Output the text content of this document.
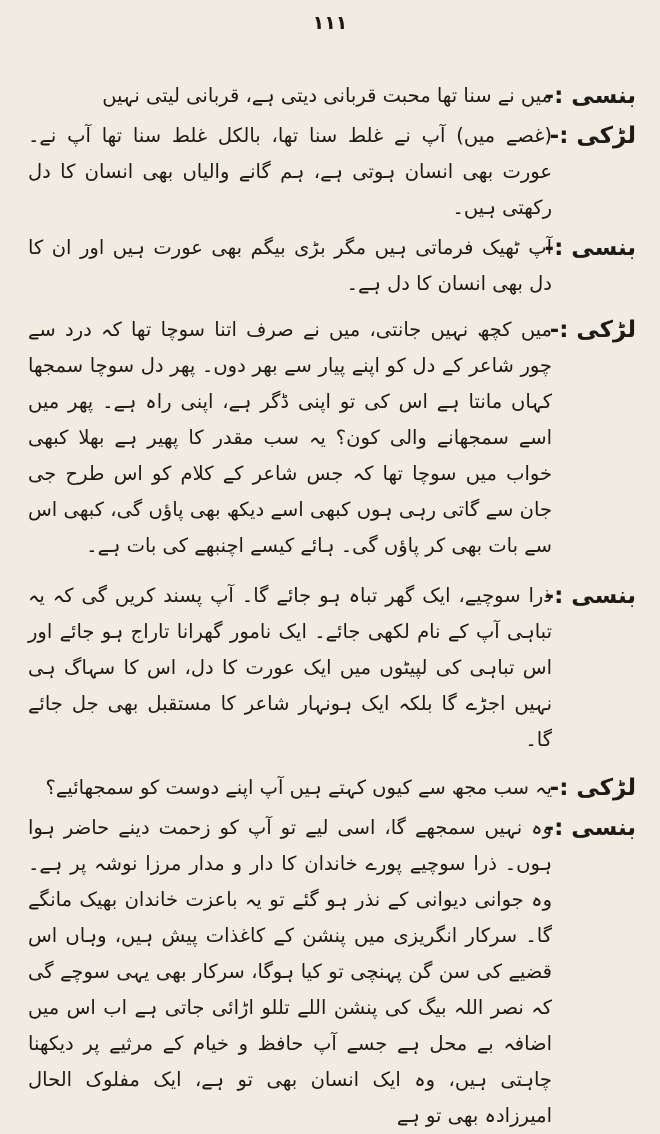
۱۱۱
بنسی :-
میں نے سنا تھا محبت قربانی دیتی ہے، قربانی لیتی نہیں
لڑکی :-
(غصے میں) آپ نے غلط سنا تھا، بالکل غلط سنا تھا آپ نے۔ عورت بھی انسان ہوتی ہے، ہم گانے والیاں بھی انسان کا دل رکھتی ہیں۔
بنسی :-
آپ ٹھیک فرماتی ہیں مگر بڑی بیگم بھی عورت ہیں اور ان کا دل بھی انسان کا دل ہے۔
لڑکی :-
میں کچھ نہیں جانتی، میں نے صرف اتنا سوچا تھا کہ درد سے چور شاعر کے دل کو اپنے پیار سے بھر دوں۔ پھر دل سوچا سمجھا کہاں مانتا ہے اس کی تو اپنی ڈگر ہے، اپنی راہ ہے۔ پھر میں اسے سمجھانے والی کون؟ یہ سب مقدر کا پھیر ہے بھلا کبھی خواب میں سوچا تھا کہ جس شاعر کے کلام کو اس طرح جی جان سے گاتی رہی ہوں کبھی اسے دیکھ بھی پاؤں گی، کبھی اس سے بات بھی کر پاؤں گی۔ ہائے کیسے اچنبھے کی بات ہے۔
بنسی :-
ذرا سوچیے، ایک گھر تباہ ہو جائے گا۔ آپ پسند کریں گی کہ یہ تباہی آپ کے نام لکھی جائے۔ ایک نامور گھرانا تاراج ہو جائے اور اس تباہی کی لپیٹوں میں ایک عورت کا دل، اس کا سہاگ ہی نہیں اجڑے گا بلکہ ایک ہونہار شاعر کا مستقبل بھی جل جائے گا۔
لڑکی :-
یہ سب مجھ سے کیوں کہتے ہیں آپ اپنے دوست کو سمجھائیے؟
بنسی :-
وہ نہیں سمجھے گا، اسی لیے تو آپ کو زحمت دینے حاضر ہوا ہوں۔ ذرا سوچیے پورے خاندان کا دار و مدار مرزا نوشہ پر ہے۔ وہ جوانی دیوانی کے نذر ہو گئے تو یہ باعزت خاندان بھیک مانگے گا۔ سرکار انگریزی میں پنشن کے کاغذات پیش ہیں، وہاں اس قضیے کی سن گن پہنچی تو کیا ہوگا، سرکار بھی یہی سوچے گی کہ نصر اللہ بیگ کی پنشن اللے تللو اڑائی جاتی ہے اب اس میں اضافہ بے محل ہے جسے آپ حافظ و خیام کے مرثیے پر دیکھنا چاہتی ہیں، وہ ایک انسان بھی تو ہے، ایک مفلوک الحال امیرزادہ بھی تو ہے
